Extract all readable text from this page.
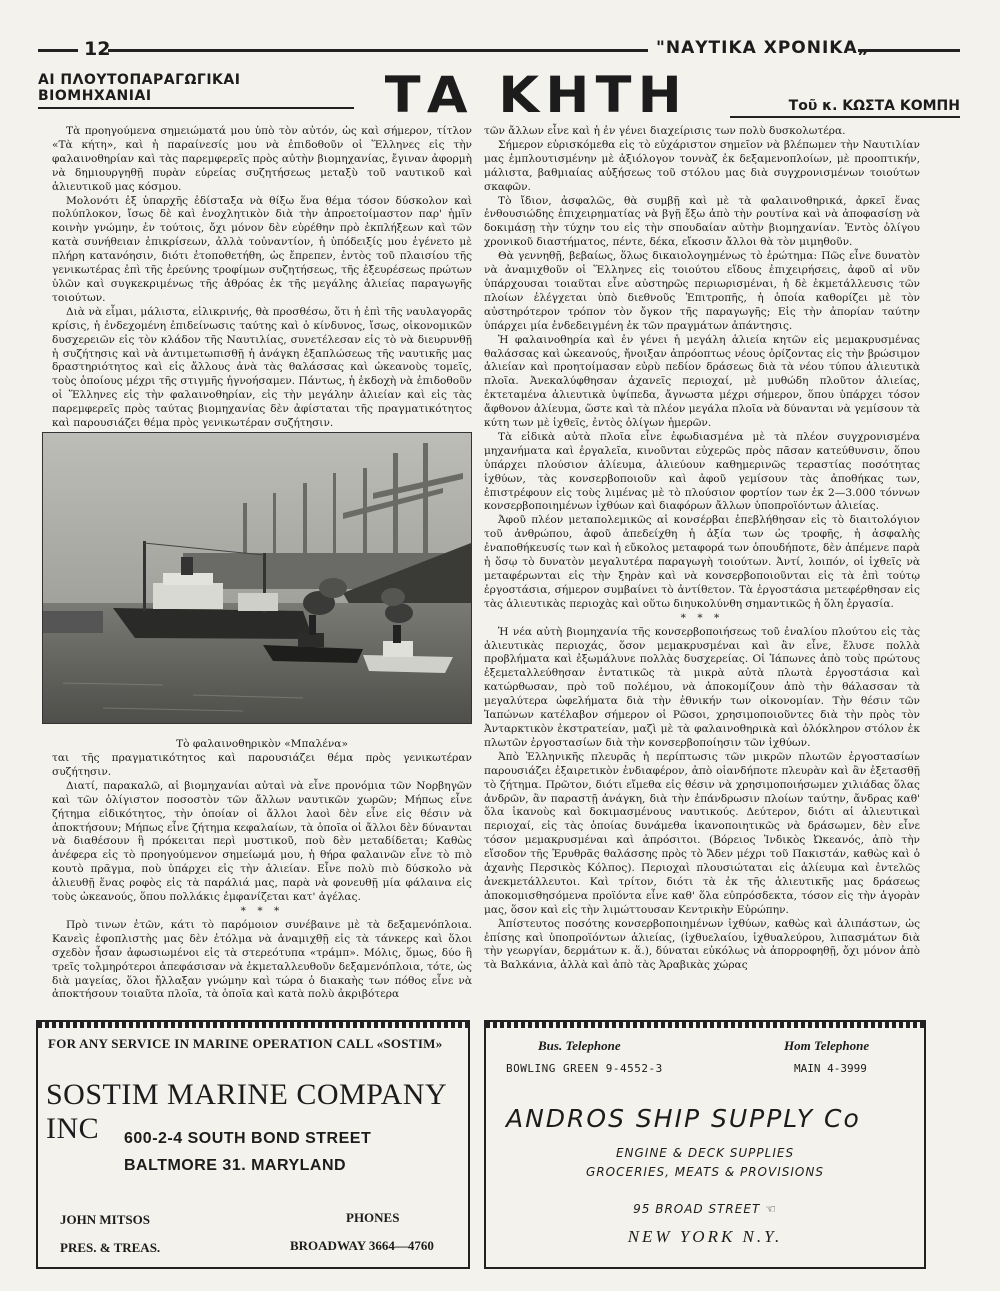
12	"ΝΑΥΤΙΚΑ ΧΡΟΝΙΚΑ„
ΑΙ ΠΛΟΥΤΟΠΑΡΑΓΩΓΙΚΑΙ ΒΙΟΜΗΧΑΝΙΑΙ	ΤΑ ΚΗΤΗ	Τοῦ κ. ΚΩΣΤΑ ΚΟΜΠΗ

Τὰ προηγούμενα σημειώματά μου ὑπὸ τὸν αὐτόν, ὡς καὶ σήμερον, τίτλον «Τὰ κήτη», καὶ ἡ παραίνεσίς μου νὰ ἐπιδοθοῦν οἱ Ἕλληνες εἰς τὴν φαλαινοθηρίαν καὶ τὰς παρεμφερεῖς πρὸς αὐτὴν βιομηχανίας, ἔγιναν ἀφορμὴ νὰ δημιουργηθῇ πυρὰν εὐρείας συζητήσεως μεταξὺ τοῦ ναυτικοῦ καὶ ἁλιευτικοῦ μας κόσμου.

Μολονότι ἐξ ὑπαρχῆς ἐδίσταξα νὰ θίξω ἕνα θέμα τόσον δύσκολον καὶ πολύπλοκον, ἴσως δὲ καὶ ἐνοχλητικὸν διὰ τὴν ἀπροετοίμαστον παρ' ἡμῖν κοινὴν γνώμην, ἐν τούτοις, ὄχι μόνον δὲν εὑρέθην πρὸ ἐκπλήξεων καὶ τῶν κατὰ συνήθειαν ἐπικρίσεων, ἀλλὰ τοὐναντίον, ἡ ὑπόδειξίς μου ἐγένετο μὲ πλήρη κατανόησιν, διότι ἐτοποθετήθη, ὡς ἔπρεπεν, ἐντὸς τοῦ πλαισίου τῆς γενικωτέρας ἐπὶ τῆς ἐρεύνης τροφίμων συζητήσεως, τῆς ἐξευρέσεως πρώτων ὑλῶν καὶ συγκεκριμένως τῆς ἀθρόας ἐκ τῆς μεγάλης ἁλιείας παραγωγῆς τοιούτων.

Διὰ νὰ εἶμαι, μάλιστα, εἰλικρινής, θὰ προσθέσω, ὅτι ἡ ἐπὶ τῆς ναυλαγορᾶς κρίσις, ἡ ἐνδεχομένη ἐπιδείνωσις ταύτης καὶ ὁ κίνδυνος, ἴσως, οἰκονομικῶν δυσχερειῶν εἰς τὸν κλάδον τῆς Ναυτιλίας, συνετέλεσαν εἰς τὸ νὰ διευρυνθῇ ἡ συζήτησις καὶ νὰ ἀντιμετωπισθῇ ἡ ἀνάγκη ἐξαπλώσεως τῆς ναυτικῆς μας δραστηριότητος καὶ εἰς ἄλλους ἀνὰ τὰς θαλάσσας καὶ ὠκεανοὺς τομεῖς, τοὺς ὁποίους μέχρι τῆς στιγμῆς ἠγνοήσαμεν. Πάντως, ἡ ἐκδοχὴ νὰ ἐπιδοθοῦν οἱ Ἕλληνες εἰς τὴν φαλαινοθηρίαν, εἰς τὴν μεγάλην ἁλιείαν καὶ εἰς τὰς παρεμφερεῖς πρὸς ταύτας βιομηχανίας δὲν ἀφίσταται τῆς πραγματικότητος καὶ παρουσιάζει θέμα πρὸς γενικωτέραν συζήτησιν.

Τὸ φαλαινοθηρικὸν «Μπαλένα»

ται τῆς πραγματικότητος καὶ παρουσιάζει θέμα πρὸς γενικωτέραν συζήτησιν.

Διατί, παρακαλῶ, αἱ βιομηχανίαι αὐταὶ νὰ εἶνε προνόμια τῶν Νορβηγῶν καὶ τῶν ὀλίγιστον ποσοστὸν τῶν ἄλλων ναυτικῶν χωρῶν; Μήπως εἶνε ζήτημα εἰδικότητος, τὴν ὁποίαν οἱ ἄλλοι λαοὶ δὲν εἶνε εἰς θέσιν νὰ ἀποκτήσουν; Μήπως εἶνε ζήτημα κεφαλαίων, τὰ ὁποῖα οἱ ἄλλοι δὲν δύνανται νὰ διαθέσουν ἢ πρόκειται περὶ μυστικοῦ, ποὺ δὲν μεταδίδεται; Καθὼς ἀνέφερα εἰς τὸ προηγούμενον σημείωμά μου, ἡ θήρα φαλαινῶν εἶνε τὸ πιὸ κουτὸ πρᾶγμα, ποὺ ὑπάρχει εἰς τὴν ἁλιείαν. Εἶνε πολὺ πιὸ δύσκολο νὰ ἁλιευθῇ ἕνας ροφὸς εἰς τὰ παράλιά μας, παρὰ νὰ φονευθῇ μία φάλαινα εἰς τοὺς ὠκεανούς, ὅπου πολλάκις ἐμφανίζεται κατ' ἀγέλας.

* * *

Πρὸ τινων ἐτῶν, κάτι τὸ παρόμοιον συνέβαινε μὲ τὰ δεξαμενόπλοια. Κανεὶς ἐφοπλιστὴς μας δὲν ἐτόλμα νὰ ἀναμιχθῇ εἰς τὰ τάνκερς καὶ ὅλοι σχεδὸν ἦσαν ἀφωσιωμένοι εἰς τὰ στερεότυπα «τράμπ». Μόλις, ὅμως, δύο ἢ τρεῖς τολμηρότεροι ἀπεφάσισαν νὰ ἐκμεταλλευθοῦν δεξαμενόπλοια, τότε, ὡς διὰ μαγείας, ὅλοι ἤλλαξαν γνώμην καὶ τώρα ὁ διακαὴς των πόθος εἶνε νὰ ἀποκτήσουν τοιαῦτα πλοῖα, τὰ ὁποῖα καὶ κατὰ πολὺ ἀκριβότερα

τῶν ἄλλων εἶνε καὶ ἡ ἐν γένει διαχείρισις των πολὺ δυσκολωτέρα.

Σήμερον εὑρισκόμεθα εἰς τὸ εὐχάριστον σημεῖον νὰ βλέπωμεν τὴν Ναυτιλίαν μας ἐμπλουτισμένην μὲ ἀξιόλογον τοννὰζ ἐκ δεξαμενοπλοίων, μὲ προοπτικήν, μάλιστα, βαθμιαίας αὐξήσεως τοῦ στόλου μας διὰ συγχρονισμένων τοιούτων σκαφῶν.

Τὸ ἴδιον, ἀσφαλῶς, θὰ συμβῇ καὶ μὲ τὰ φαλαινοθηρικά, ἀρκεῖ ἕνας ἐνθουσιώδης ἐπιχειρηματίας νὰ βγῇ ἔξω ἀπὸ τὴν ρουτίνα καὶ νὰ ἀποφασίσῃ νὰ δοκιμάσῃ τὴν τύχην του εἰς τὴν σπουδαίαν αὐτὴν βιομηχανίαν. Ἐντὸς ὀλίγου χρονικοῦ διαστήματος, πέντε, δέκα, εἴκοσιν ἄλλοι θὰ τὸν μιμηθοῦν.

Θὰ γεννηθῇ, βεβαίως, ὅλως δικαιολογημένως τὸ ἐρώτημα: Πῶς εἶνε δυνατὸν νὰ ἀναμιχθοῦν οἱ Ἕλληνες εἰς τοιούτου εἴδους ἐπιχειρήσεις, ἀφοῦ αἱ νῦν ὑπάρχουσαι τοιαῦται εἶνε αὐστηρῶς περιωρισμέναι, ἡ δὲ ἐκμετάλλευσις τῶν πλοίων ἐλέγχεται ὑπὸ διεθνοῦς Ἐπιτροπῆς, ἡ ὁποία καθορίζει μὲ τὸν αὐστηρότερον τρόπον τὸν ὄγκον τῆς παραγωγῆς; Εἰς τὴν ἀπορίαν ταύτην ὑπάρχει μία ἐνδεδειγμένη ἐκ τῶν πραγμάτων ἀπάντησις.

Ἡ φαλαινοθηρία καὶ ἐν γένει ἡ μεγάλη ἁλιεία κητῶν εἰς μεμακρυσμένας θαλάσσας καὶ ὠκεανούς, ἤνοιξαν ἀπρόοπτως νέους ὁρίζοντας εἰς τὴν βρώσιμον ἁλιείαν καὶ προητοίμασαν εὐρὺ πεδίον δράσεως διὰ τὰ νέου τύπου ἁλιευτικὰ πλοῖα. Ἀνεκαλύφθησαν ἀχανεῖς περιοχαί, μὲ μυθώδη πλοῦτον ἁλιείας, ἐκτεταμένα ἁλιευτικὰ ὑψίπεδα, ἄγνωστα μέχρι σήμερον, ὅπου ὑπάρχει τόσον ἄφθονον ἁλίευμα, ὥστε καὶ τὰ πλέον μεγάλα πλοῖα νὰ δύνανται νὰ γεμίσουν τὰ κύτη των μὲ ἰχθεῖς, ἐντὸς ὀλίγων ἡμερῶν.

Τὰ εἰδικὰ αὐτὰ πλοῖα εἶνε ἐφωδιασμένα μὲ τὰ πλέον συγχρονισμένα μηχανήματα καὶ ἐργαλεῖα, κινοῦνται εὐχερῶς πρὸς πᾶσαν κατεύθυνσιν, ὅπου ὑπάρχει πλούσιον ἁλίευμα, ἁλιεύουν καθημερινῶς τεραστίας ποσότητας ἰχθύων, τὰς κονσερβοποιοῦν καὶ ἀφοῦ γεμίσουν τὰς ἀποθήκας των, ἐπιστρέφουν εἰς τοὺς λιμένας μὲ τὸ πλούσιον φορτίον των ἐκ 2—3.000 τόννων κονσερβοποιημένων ἰχθύων καὶ διαφόρων ἄλλων ὑποπροϊόντων ἁλιείας.

Ἀφοῦ πλέον μεταπολεμικῶς αἱ κονσέρβαι ἐπεβλήθησαν εἰς τὸ διαιτολόγιον τοῦ ἀνθρώπου, ἀφοῦ ἀπεδείχθη ἡ ἀξία των ὡς τροφῆς, ἡ ἀσφαλὴς ἐναποθήκευσίς των καὶ ἡ εὔκολος μεταφορά των ὁπουδήποτε, δὲν ἀπέμενε παρὰ ἡ ὅσῳ τὸ δυνατὸν μεγαλυτέρα παραγωγὴ τοιούτων. Ἀντί, λοιπόν, οἱ ἰχθεῖς νὰ μεταφέρωνται εἰς τὴν ξηρὰν καὶ νὰ κονσερβοποιοῦνται εἰς τὰ ἐπὶ τούτῳ ἐργοστάσια, σήμερον συμβαίνει τὸ ἀντίθετον. Τὰ ἐργοστάσια μετεφέρθησαν εἰς τὰς ἁλιευτικὰς περιοχὰς καὶ οὕτω διηυκολύνθη σημαντικῶς ἡ ὅλη ἐργασία.

* * *

Ἡ νέα αὐτὴ βιομηχανία τῆς κονσερβοποιήσεως τοῦ ἐναλίου πλούτου εἰς τὰς ἁλιευτικὰς περιοχάς, ὅσον μεμακρυσμέναι καὶ ἂν εἶνε, ἔλυσε πολλὰ προβλήματα καὶ ἐξωμάλυνε πολλὰς δυσχερείας. Οἱ Ἰάπωνες ἀπὸ τοὺς πρώτους ἐξεμεταλλεύθησαν ἐντατικῶς τὰ μικρὰ αὐτὰ πλωτὰ ἐργοστάσια καὶ κατώρθωσαν, πρὸ τοῦ πολέμου, νὰ ἀποκομίζουν ἀπὸ τὴν θάλασσαν τὰ μεγαλύτερα ὠφελήματα διὰ τὴν ἐθνικήν των οἰκονομίαν. Τὴν θέσιν τῶν Ἰαπώνων κατέλαβον σήμερον οἱ Ρῶσοι, χρησιμοποιοῦντες διὰ τὴν πρὸς τὸν Ἀνταρκτικὸν ἐκστρατείαν, μαζὶ μὲ τὰ φαλαινοθηρικὰ καὶ ὁλόκληρον στόλον ἐκ πλωτῶν ἐργοστασίων διὰ τὴν κονσερβοποίησιν τῶν ἰχθύων.

Ἀπὸ Ἑλληνικῆς πλευρᾶς ἡ περίπτωσις τῶν μικρῶν πλωτῶν ἐργοστασίων παρουσιάζει ἐξαιρετικὸν ἐνδιαφέρον, ἀπὸ οἱανδήποτε πλευρὰν καὶ ἂν ἐξετασθῇ τὸ ζήτημα. Πρῶτον, διότι εἴμεθα εἰς θέσιν νὰ χρησιμοποιήσωμεν χιλιάδας ὅλας ἀνδρῶν, ἂν παραστῇ ἀνάγκη, διὰ τὴν ἐπάνδρωσιν πλοίων ταύτην, ἄνδρας καθ' ὅλα ἱκανοὺς καὶ δοκιμασμένους ναυτικούς. Δεύτερον, διότι αἱ ἁλιευτικαὶ περιοχαί, εἰς τὰς ὁποίας δυνάμεθα ἱκανοποιητικῶς νὰ δράσωμεν, δὲν εἶνε τόσον μεμακρυσμέναι καὶ ἀπρόσιτοι. (Βόρειος Ἰνδικὸς Ὠκεανός, ἀπὸ τὴν εἴσοδον τῆς Ἐρυθρᾶς θαλάσσης πρὸς τὸ Ἄδεν μέχρι τοῦ Πακιστάν, καθὼς καὶ ὁ ἀχανὴς Περσικὸς Κόλπος). Περιοχαὶ πλουσιώταται εἰς ἁλίευμα καὶ ἐντελῶς ἀνεκμετάλλευτοι. Καὶ τρίτον, διότι τὰ ἐκ τῆς ἁλιευτικῆς μας δράσεως ἀποκομισθησόμενα προϊόντα εἶνε καθ' ὅλα εὐπρόσδεκτα, τόσον εἰς τὴν ἀγορὰν μας, ὅσον καὶ εἰς τὴν λιμώττουσαν Κεντρικὴν Εὐρώπην.

Ἀπίστευτος ποσότης κονσερβοποιημένων ἰχθύων, καθὼς καὶ ἀλιπάστων, ὡς ἐπίσης καὶ ὑποπροϊόντων ἁλιείας, (ἰχθυελαίου, ἰχθυαλεύρου, λιπασμάτων διὰ τὴν γεωργίαν, δερμάτων κ. ἅ.), δύναται εὐκόλως νὰ ἀπορροφηθῇ, ὄχι μόνον ἀπὸ τὰ Βαλκάνια, ἀλλὰ καὶ ἀπὸ τὰς Ἀραβικὰς χώρας

FOR ANY SERVICE IN MARINE OPERATION CALL «SOSTIM»
SOSTIM MARINE COMPANY INC	600-2-4 SOUTH BOND STREET
BALTMORE 31. MARYLAND
JOHN MITSOS
PRES. & TREAS.
PHONES
BROADWAY 3664—4760
Bus. Telephone	Hom Telephone
BOWLING GREEN 9-4552-3	MAIN 4-3999
ANDROS SHIP SUPPLY Co
ENGINE & DECK SUPPLIES
GROCERIES, MEATS & PROVISIONS
95 BROAD STREET ☜
NEW YORK N.Y.
